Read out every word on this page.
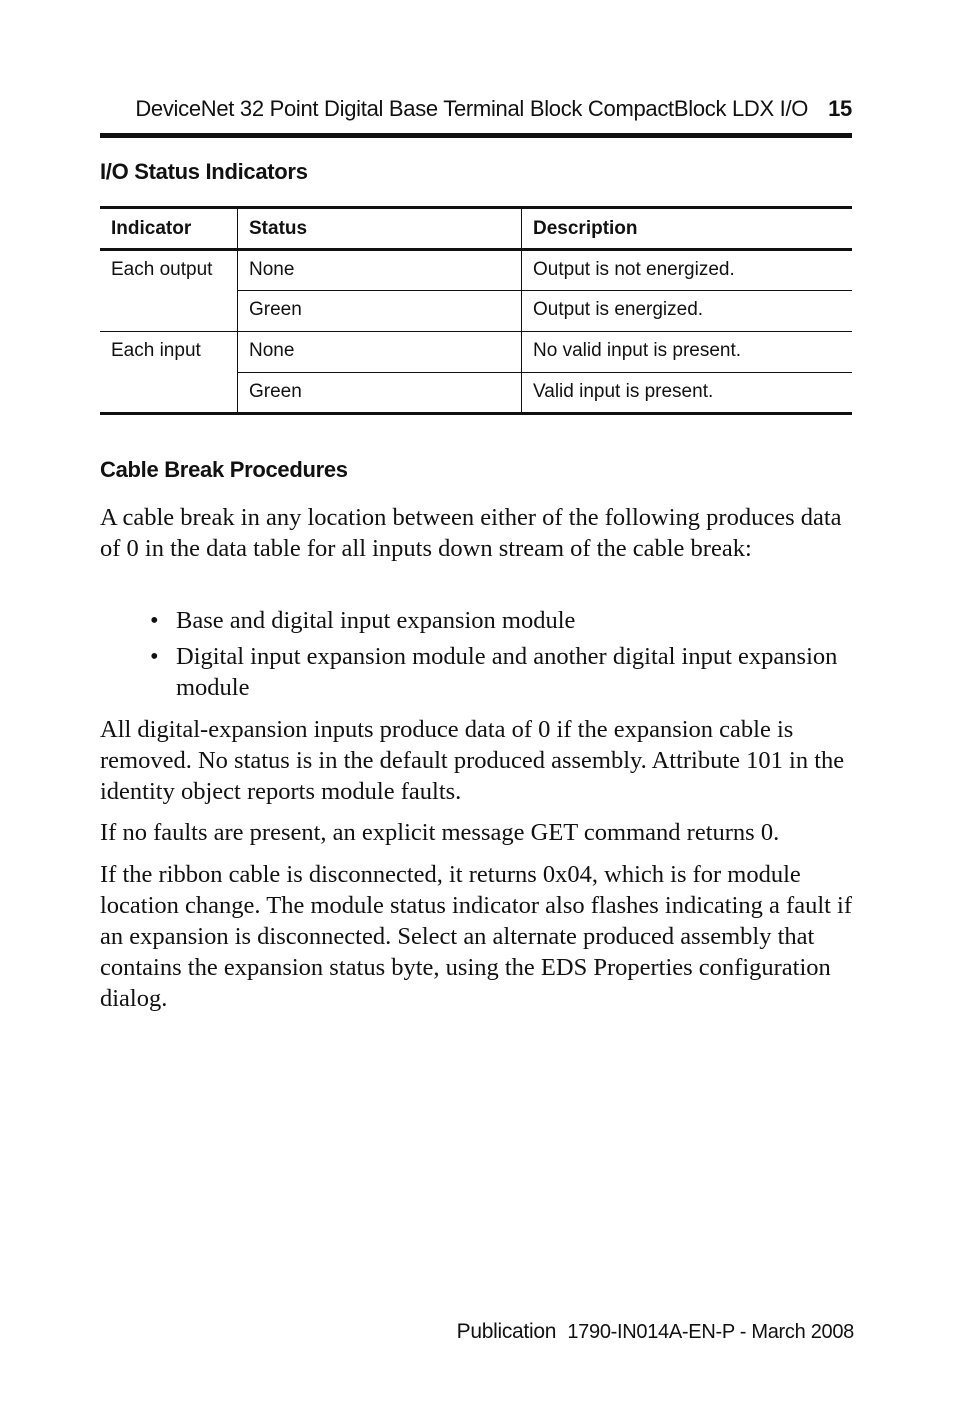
DeviceNet 32 Point Digital Base Terminal Block CompactBlock LDX I/O 15
I/O Status Indicators
Indicator	Status	Description
Each output	None	Output is not energized.
	Green	Output is energized.
Each input	None	No valid input is present.
	Green	Valid input is present.
Cable Break Procedures

A cable break in any location between either of the following produces data of 0 in the data table for all inputs down stream of the cable break:

• Base and digital input expansion module
• Digital input expansion module and another digital input expansion module

All digital-expansion inputs produce data of 0 if the expansion cable is removed. No status is in the default produced assembly. Attribute 101 in the identity object reports module faults.

If no faults are present, an explicit message GET command returns 0.

If the ribbon cable is disconnected, it returns 0x04, which is for module location change. The module status indicator also flashes indicating a fault if an expansion is disconnected. Select an alternate produced assembly that contains the expansion status byte, using the EDS Properties configuration dialog.

Publication 1790-IN014A-EN-P - March 2008
